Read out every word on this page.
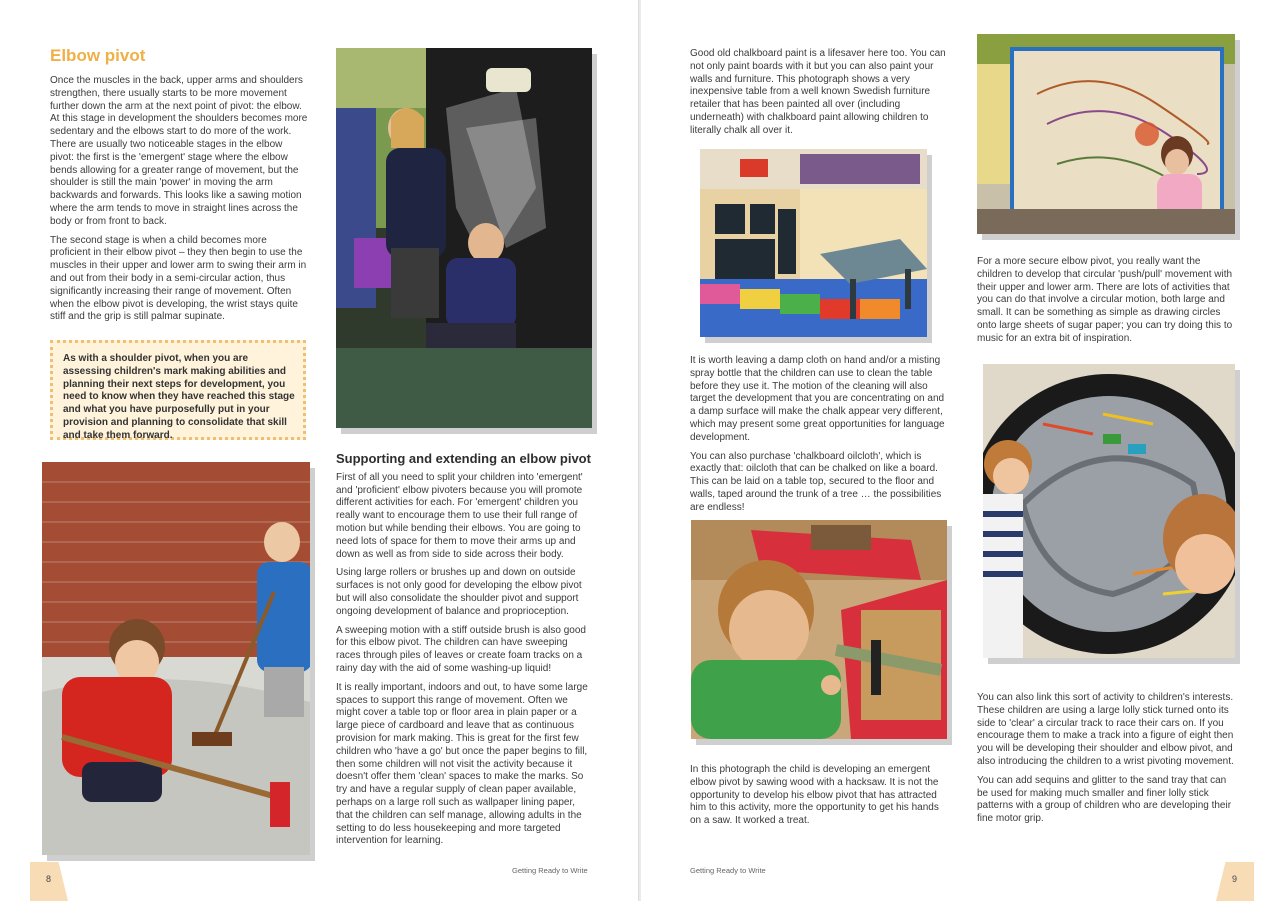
Elbow pivot

Once the muscles in the back, upper arms and shoulders strengthen, there usually starts to be more movement further down the arm at the next point of pivot: the elbow. At this stage in development the shoulders becomes more sedentary and the elbows start to do more of the work. There are usually two noticeable stages in the elbow pivot: the first is the 'emergent' stage where the elbow bends allowing for a greater range of movement, but the shoulder is still the main 'power' in moving the arm backwards and forwards. This looks like a sawing motion where the arm tends to move in straight lines across the body or from front to back.

The second stage is when a child becomes more proficient in their elbow pivot – they then begin to use the muscles in their upper and lower arm to swing their arm in and out from their body in a semi-circular action, thus significantly increasing their range of movement. Often when the elbow pivot is developing, the wrist stays quite stiff and the grip is still palmar supinate.

As with a shoulder pivot, when you are assessing children's mark making abilities and planning their next steps for development, you need to know when they have reached this stage and what you have purposefully put in your provision and planning to consolidate that skill and take them forward.
Supporting and extending an elbow pivot

First of all you need to split your children into 'emergent' and 'proficient' elbow pivoters because you will promote different activities for each. For 'emergent' children you really want to encourage them to use their full range of motion but while bending their elbows. You are going to need lots of space for them to move their arms up and down as well as from side to side across their body.

Using large rollers or brushes up and down on outside surfaces is not only good for developing the elbow pivot but will also consolidate the shoulder pivot and support ongoing development of balance and proprioception.

A sweeping motion with a stiff outside brush is also good for this elbow pivot. The children can have sweeping races through piles of leaves or create foam tracks on a rainy day with the aid of some washing-up liquid!

It is really important, indoors and out, to have some large spaces to support this range of movement. Often we might cover a table top or floor area in plain paper or a large piece of cardboard and leave that as continuous provision for mark making. This is great for the first few children who 'have a go' but once the paper begins to fill, then some children will not visit the activity because it doesn't offer them 'clean' spaces to make the marks. So try and have a regular supply of clean paper available, perhaps on a large roll such as wallpaper lining paper, that the children can self manage, allowing adults in the setting to do less housekeeping and more targeted intervention for learning.

8
Getting Ready to Write

Good old chalkboard paint is a lifesaver here too. You can not only paint boards with it but you can also paint your walls and furniture. This photograph shows a very inexpensive table from a well known Swedish furniture retailer that has been painted all over (including underneath) with chalkboard paint allowing children to literally chalk all over it.

It is worth leaving a damp cloth on hand and/or a misting spray bottle that the children can use to clean the table before they use it. The motion of the cleaning will also target the development that you are concentrating on and a damp surface will make the chalk appear very different, which may present some great opportunities for language development.

You can also purchase 'chalkboard oilcloth', which is exactly that: oilcloth that can be chalked on like a board. This can be laid on a table top, secured to the floor and walls, taped around the trunk of a tree … the possibilities are endless!

In this photograph the child is developing an emergent elbow pivot by sawing wood with a hacksaw. It is not the opportunity to develop his elbow pivot that has attracted him to this activity, more the opportunity to get his hands on a saw. It worked a treat.

For a more secure elbow pivot, you really want the children to develop that circular 'push/pull' movement with their upper and lower arm. There are lots of activities that you can do that involve a circular motion, both large and small. It can be something as simple as drawing circles onto large sheets of sugar paper; you can try doing this to music for an extra bit of inspiration.

You can also link this sort of activity to children's interests. These children are using a large lolly stick turned onto its side to 'clear' a circular track to race their cars on. If you encourage them to make a track into a figure of eight then you will be developing their shoulder and elbow pivot, and also introducing the children to a wrist pivoting movement.

You can add sequins and glitter to the sand tray that can be used for making much smaller and finer lolly stick patterns with a group of children who are developing their fine motor grip.

Getting Ready to Write
9
